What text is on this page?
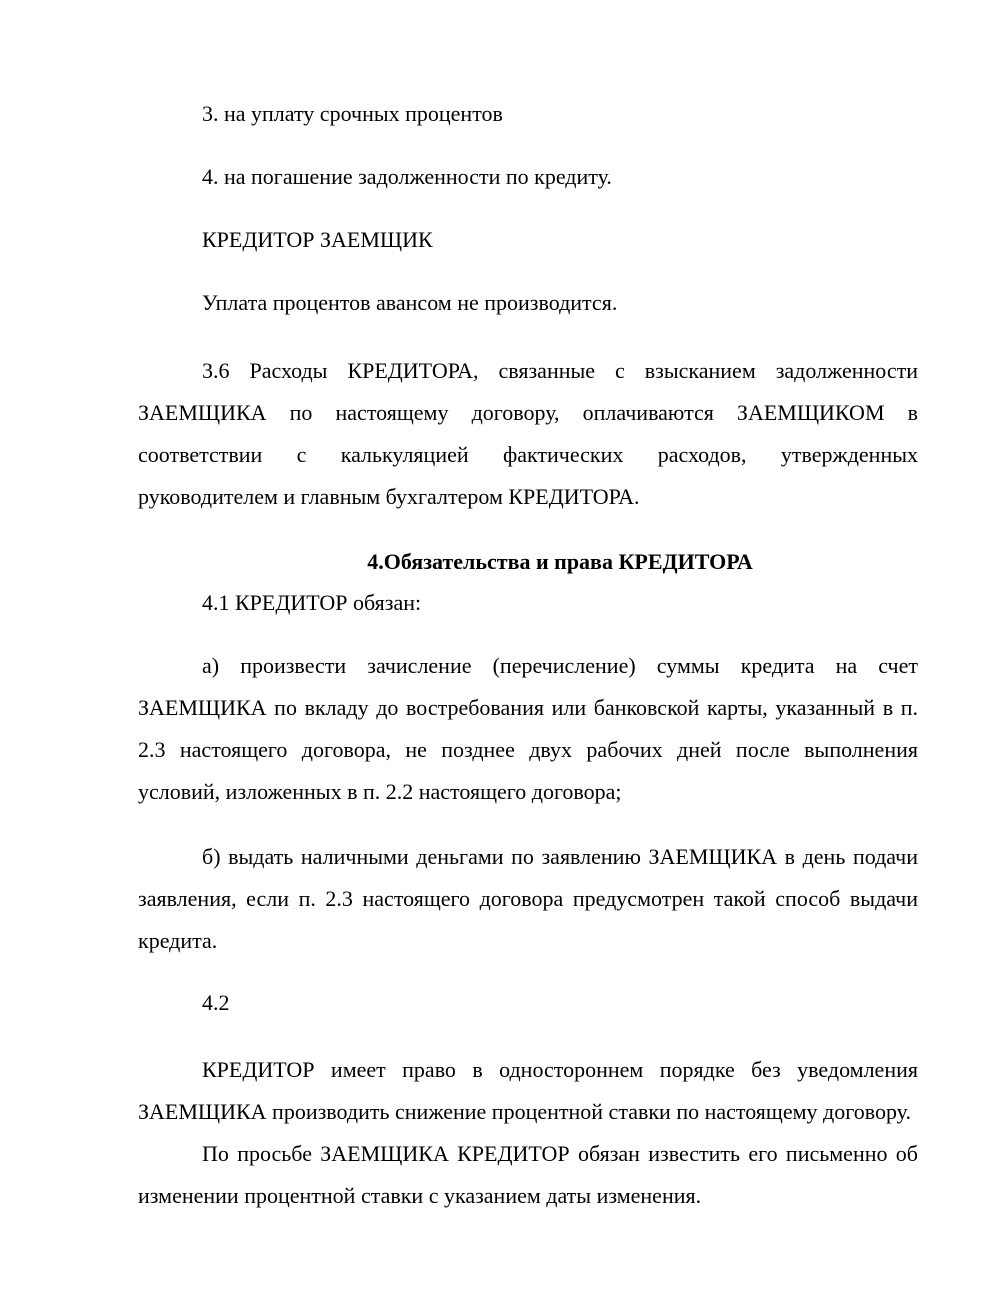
3. на уплату срочных процентов

4. на погашение задолженности по кредиту.

КРЕДИТОР ЗАЕМЩИК

Уплата процентов авансом не производится.

3.6 Расходы КРЕДИТОРА, связанные с взысканием задолженности ЗАЕМЩИКА по настоящему договору, оплачиваются ЗАЕМЩИКОМ в соответствии с калькуляцией фактических расходов, утвержденных руководителем и главным бухгалтером КРЕДИТОРА.

4.Обязательства и права КРЕДИТОРА

4.1 КРЕДИТОР обязан:

а) произвести зачисление (перечисление) суммы кредита на счет ЗАЕМЩИКА по вкладу до востребования или банковской карты, указанный в п. 2.3 настоящего договора, не позднее двух рабочих дней после выполнения условий, изложенных в п. 2.2 настоящего договора;

б) выдать наличными деньгами по заявлению ЗАЕМЩИКА в день подачи заявления, если п. 2.3 настоящего договора предусмотрен такой способ выдачи кредита.

4.2

КРЕДИТОР имеет право в одностороннем порядке без уведомления ЗАЕМЩИКА производить снижение процентной ставки по настоящему договору.

По просьбе ЗАЕМЩИКА КРЕДИТОР обязан известить его письменно об изменении процентной ставки с указанием даты изменения.
